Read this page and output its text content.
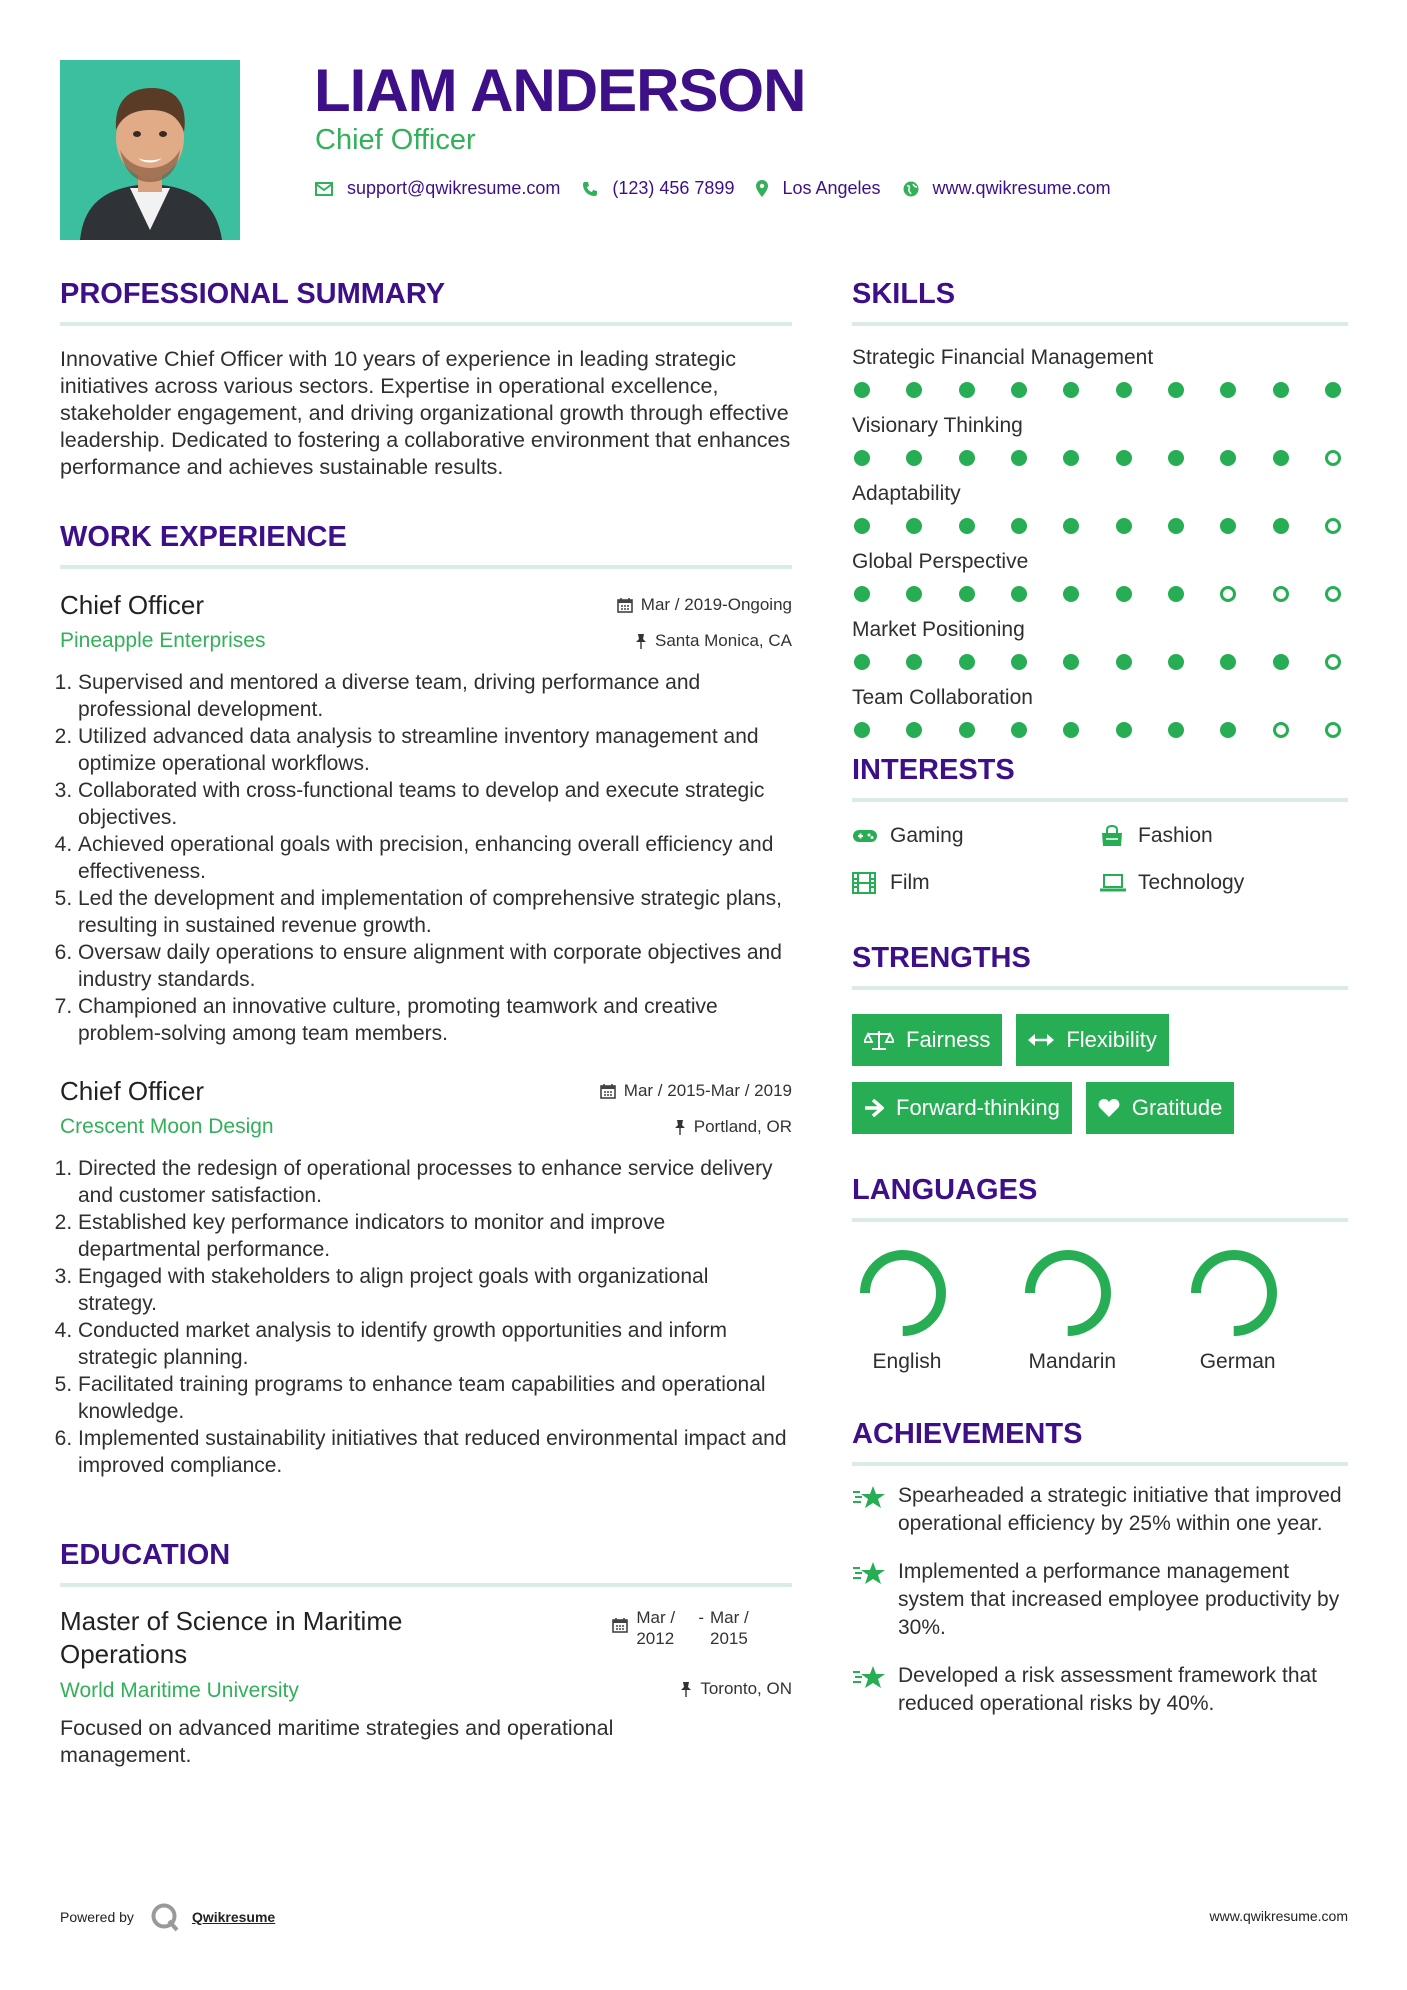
LIAM ANDERSON
Chief Officer
support@qwikresume.com	(123) 456 7899	Los Angeles	www.qwikresume.com
PROFESSIONAL SUMMARY
Innovative Chief Officer with 10 years of experience in leading strategic initiatives across various sectors. Expertise in operational excellence, stakeholder engagement, and driving organizational growth through effective leadership. Dedicated to fostering a collaborative environment that enhances performance and achieves sustainable results.
WORK EXPERIENCE
Chief Officer	Mar / 2019-Ongoing
Pineapple Enterprises	Santa Monica, CA
1. Supervised and mentored a diverse team, driving performance and professional development.
2. Utilized advanced data analysis to streamline inventory management and optimize operational workflows.
3. Collaborated with cross-functional teams to develop and execute strategic objectives.
4. Achieved operational goals with precision, enhancing overall efficiency and effectiveness.
5. Led the development and implementation of comprehensive strategic plans, resulting in sustained revenue growth.
6. Oversaw daily operations to ensure alignment with corporate objectives and industry standards.
7. Championed an innovative culture, promoting teamwork and creative problem-solving among team members.
Chief Officer	Mar / 2015-Mar / 2019
Crescent Moon Design	Portland, OR
1. Directed the redesign of operational processes to enhance service delivery and customer satisfaction.
2. Established key performance indicators to monitor and improve departmental performance.
3. Engaged with stakeholders to align project goals with organizational strategy.
4. Conducted market analysis to identify growth opportunities and inform strategic planning.
5. Facilitated training programs to enhance team capabilities and operational knowledge.
6. Implemented sustainability initiatives that reduced environmental impact and improved compliance.
EDUCATION
Master of Science in Maritime Operations
Mar / 2012
- Mar / 2015
World Maritime University	Toronto, ON
Focused on advanced maritime strategies and operational management.
SKILLS
Strategic Financial Management
Visionary Thinking
Adaptability
Global Perspective
Market Positioning
Team Collaboration
INTERESTS
Gaming	Fashion
Film	Technology
STRENGTHS
Fairness	Flexibility
Forward-thinking	Gratitude
LANGUAGES
English	Mandarin	German
ACHIEVEMENTS
Spearheaded a strategic initiative that improved operational efficiency by 25% within one year.
Implemented a performance management system that increased employee productivity by 30%.
Developed a risk assessment framework that reduced operational risks by 40%.
Powered by	Qwikresume	www.qwikresume.com
